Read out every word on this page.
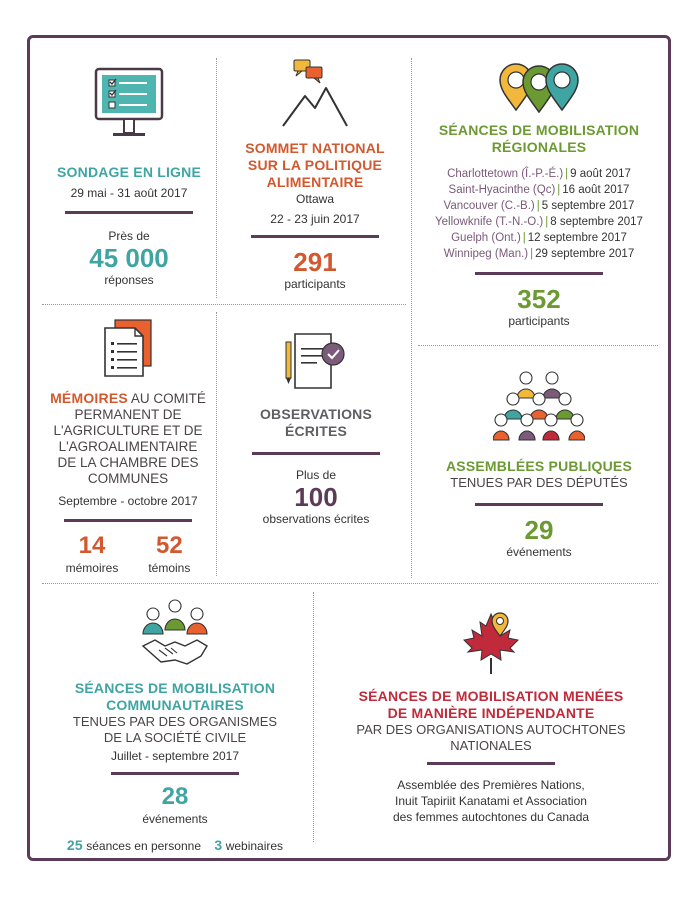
SONDAGE EN LIGNE
29 mai - 31 août 2017
Près de
45 000
réponses
SOMMET NATIONAL
SUR LA POLITIQUE
ALIMENTAIRE
Ottawa
22 - 23 juin 2017
291
participants
SÉANCES DE MOBILISATION
RÉGIONALES
Charlottetown (Î.-P.-É.) | 9 août 2017
Saint-Hyacinthe (Qc) | 16 août 2017
Vancouver (C.-B.) | 5 septembre 2017
Yellowknife (T.-N.-O.) | 8 septembre 2017
Guelph (Ont.) | 12 septembre 2017
Winnipeg (Man.) | 29 septembre 2017
352
participants
MÉMOIRES AU COMITÉ
PERMANENT DE
L'AGRICULTURE ET DE
L'AGROALIMENTAIRE
DE LA CHAMBRE DES
COMMUNES
Septembre - octobre 2017
14
mémoires
52
témoins
OBSERVATIONS
ÉCRITES
Plus de
100
observations écrites
ASSEMBLÉES PUBLIQUES
TENUES PAR DES DÉPUTÉS
29
événements
SÉANCES DE MOBILISATION
COMMUNAUTAIRES
TENUES PAR DES ORGANISMES
DE LA SOCIÉTÉ CIVILE
Juillet - septembre 2017
28
événements
25 séances en personne 3 webinaires
SÉANCES DE MOBILISATION MENÉES
DE MANIÈRE INDÉPENDANTE
PAR DES ORGANISATIONS AUTOCHTONES NATIONALES
Assemblée des Premières Nations,
Inuit Tapiriit Kanatami et Association
des femmes autochtones du Canada
